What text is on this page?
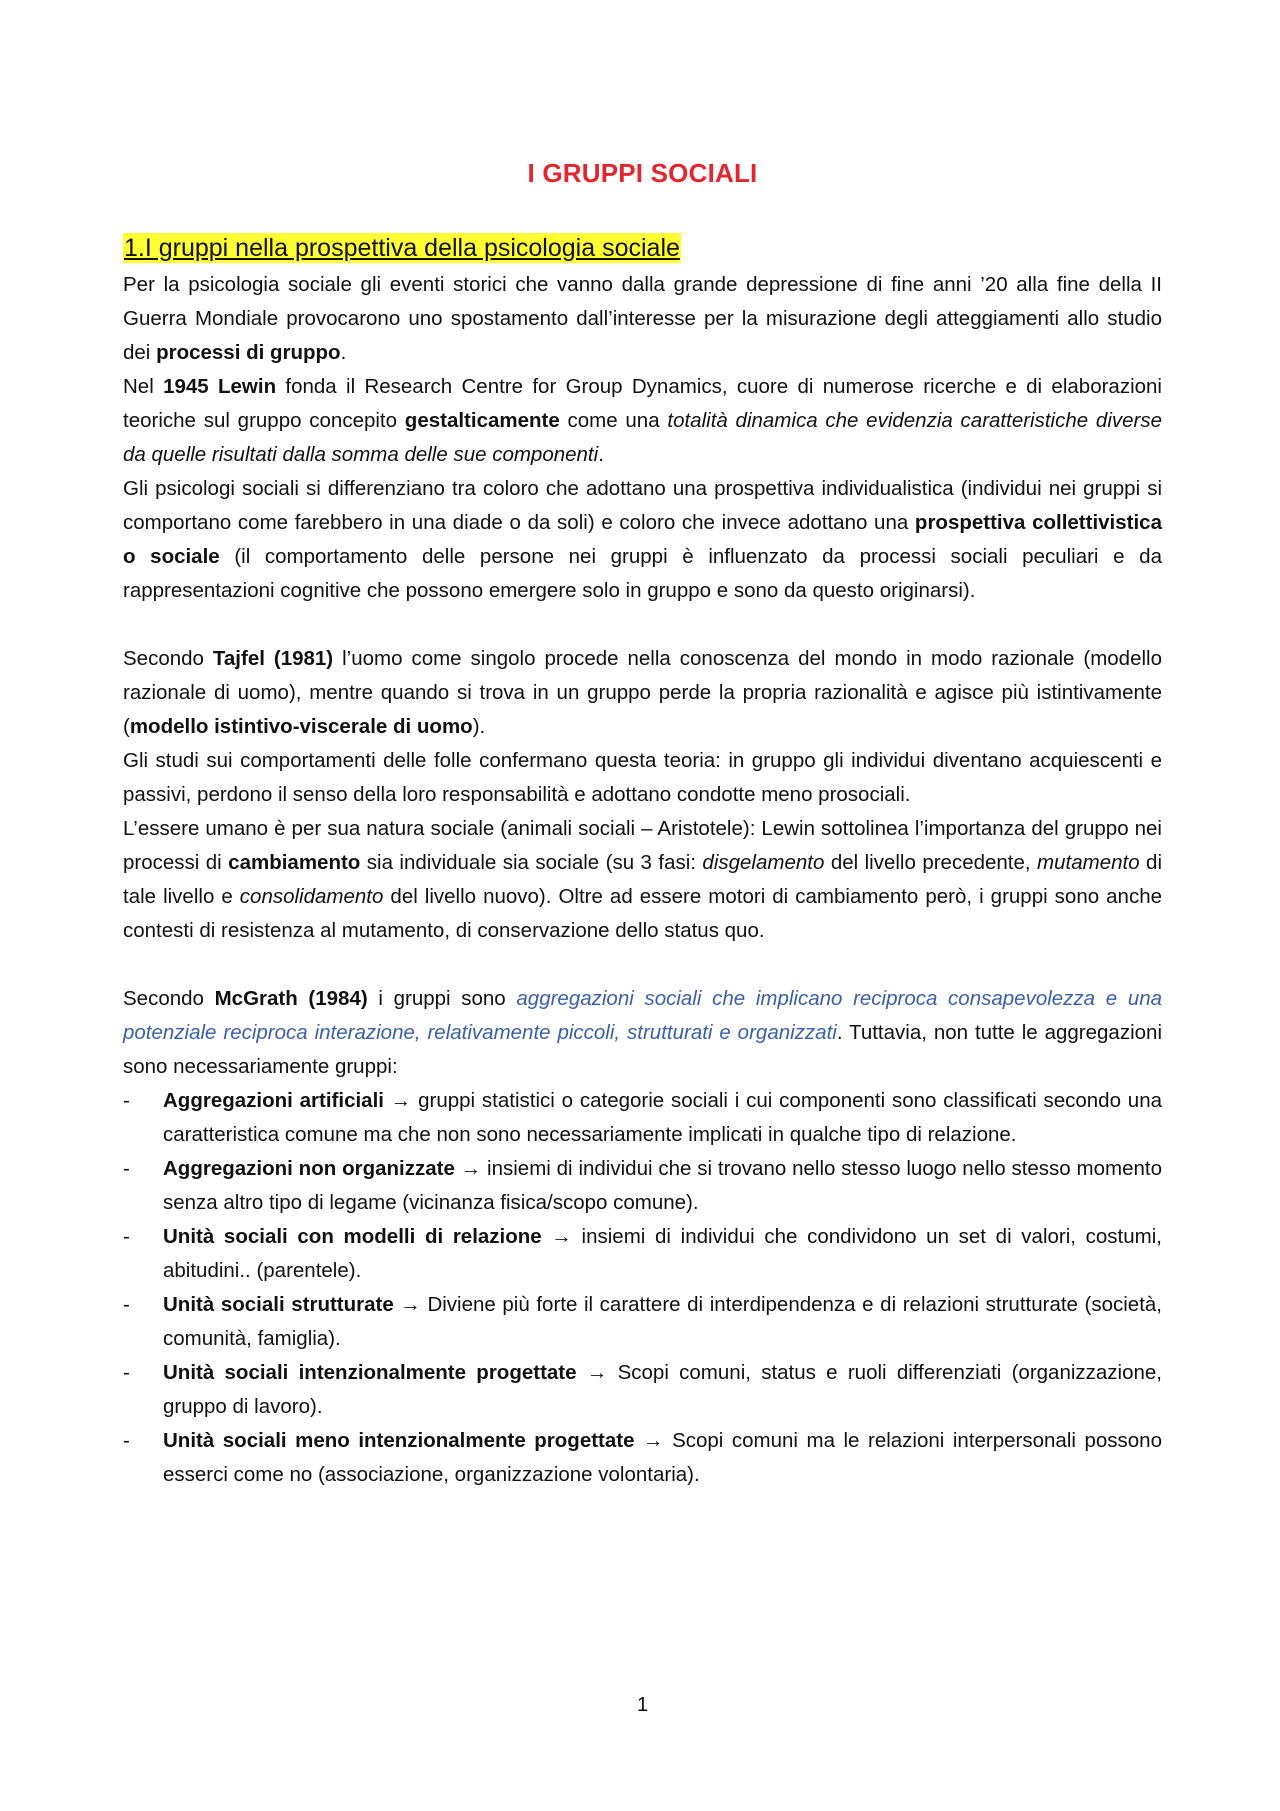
I GRUPPI SOCIALI
1.I gruppi nella prospettiva della psicologia sociale

Per la psicologia sociale gli eventi storici che vanno dalla grande depressione di fine anni ’20 alla fine della II Guerra Mondiale provocarono uno spostamento dall’interesse per la misurazione degli atteggiamenti allo studio dei processi di gruppo.

Nel 1945 Lewin fonda il Research Centre for Group Dynamics, cuore di numerose ricerche e di elaborazioni teoriche sul gruppo concepito gestalticamente come una totalità dinamica che evidenzia caratteristiche diverse da quelle risultati dalla somma delle sue componenti.

Gli psicologi sociali si differenziano tra coloro che adottano una prospettiva individualistica (individui nei gruppi si comportano come farebbero in una diade o da soli) e coloro che invece adottano una prospettiva collettivistica o sociale (il comportamento delle persone nei gruppi è influenzato da processi sociali peculiari e da rappresentazioni cognitive che possono emergere solo in gruppo e sono da questo originarsi).

Secondo Tajfel (1981) l’uomo come singolo procede nella conoscenza del mondo in modo razionale (modello razionale di uomo), mentre quando si trova in un gruppo perde la propria razionalità e agisce più istintivamente (modello istintivo-viscerale di uomo).

Gli studi sui comportamenti delle folle confermano questa teoria: in gruppo gli individui diventano acquiescenti e passivi, perdono il senso della loro responsabilità e adottano condotte meno prosociali.

L’essere umano è per sua natura sociale (animali sociali – Aristotele): Lewin sottolinea l’importanza del gruppo nei processi di cambiamento sia individuale sia sociale (su 3 fasi: disgelamento del livello precedente, mutamento di tale livello e consolidamento del livello nuovo). Oltre ad essere motori di cambiamento però, i gruppi sono anche contesti di resistenza al mutamento, di conservazione dello status quo.

Secondo McGrath (1984) i gruppi sono aggregazioni sociali che implicano reciproca consapevolezza e una potenziale reciproca interazione, relativamente piccoli, strutturati e organizzati. Tuttavia, non tutte le aggregazioni sono necessariamente gruppi:

- Aggregazioni artificiali → gruppi statistici o categorie sociali i cui componenti sono classificati secondo una caratteristica comune ma che non sono necessariamente implicati in qualche tipo di relazione.
- Aggregazioni non organizzate → insiemi di individui che si trovano nello stesso luogo nello stesso momento senza altro tipo di legame (vicinanza fisica/scopo comune).
- Unità sociali con modelli di relazione → insiemi di individui che condividono un set di valori, costumi, abitudini.. (parentele).
- Unità sociali strutturate → Diviene più forte il carattere di interdipendenza e di relazioni strutturate (società, comunità, famiglia).
- Unità sociali intenzionalmente progettate → Scopi comuni, status e ruoli differenziati (organizzazione, gruppo di lavoro).
- Unità sociali meno intenzionalmente progettate → Scopi comuni ma le relazioni interpersonali possono esserci come no (associazione, organizzazione volontaria).
1
